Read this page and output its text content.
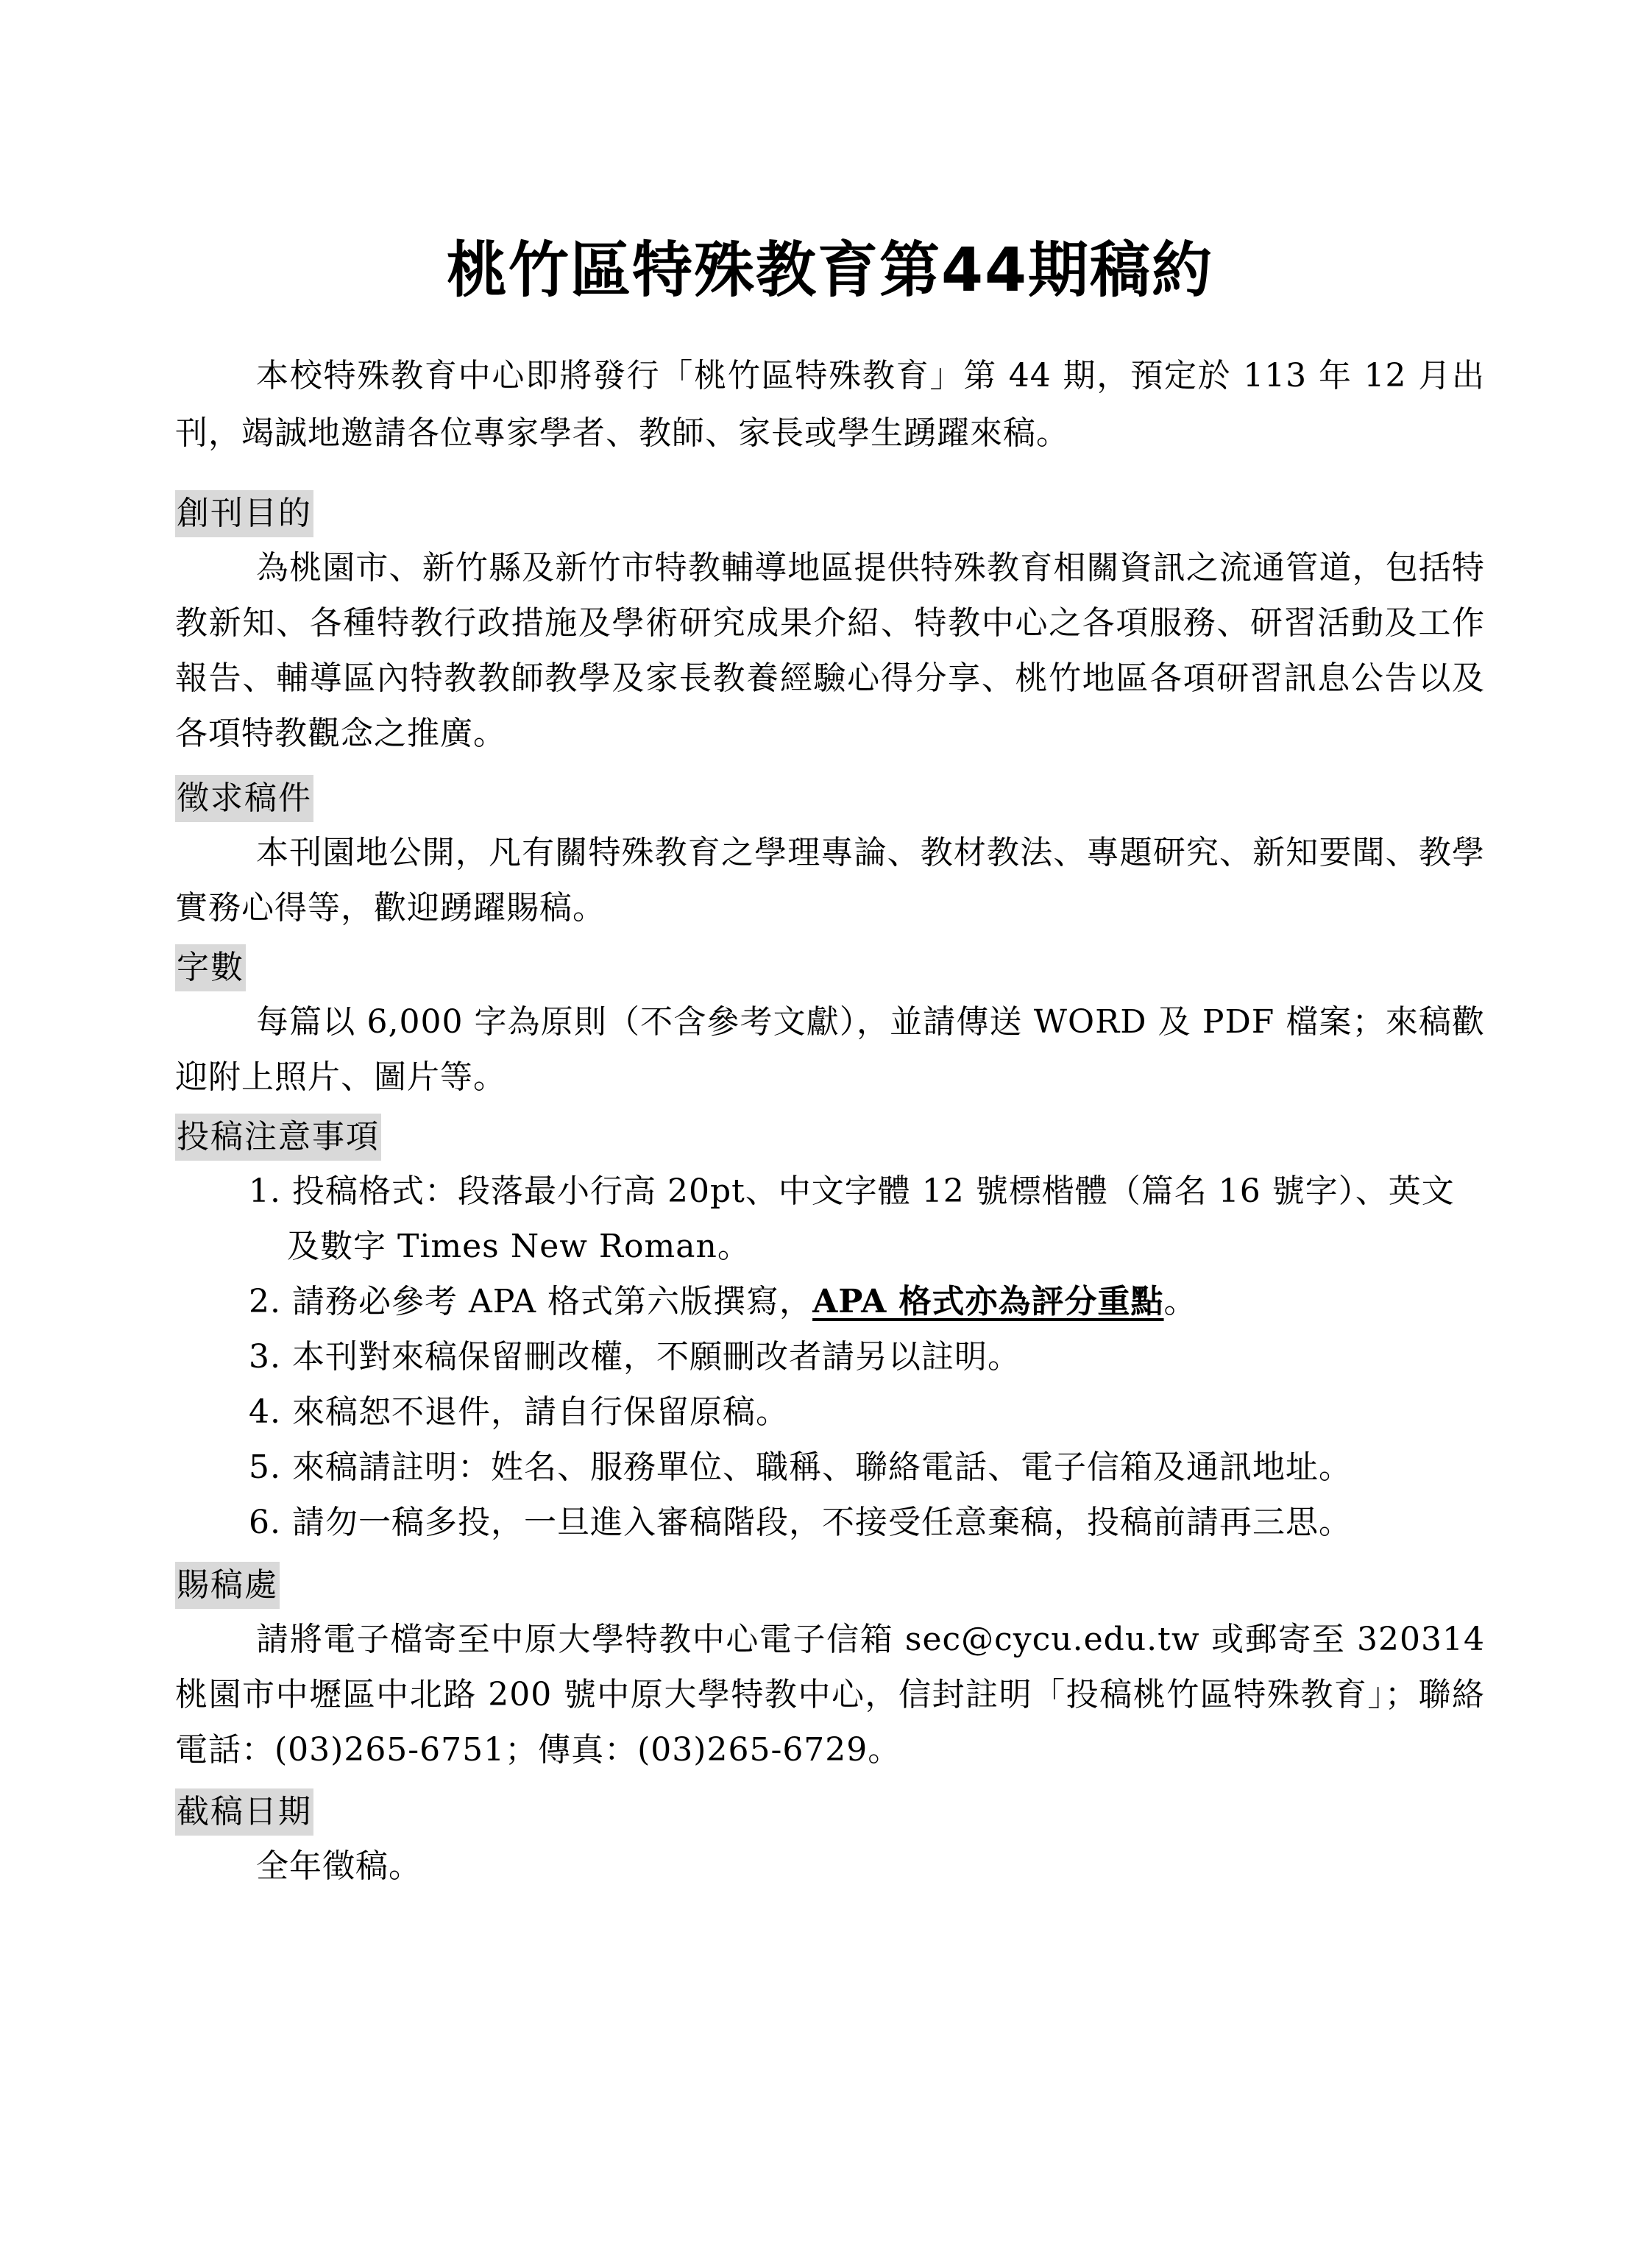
桃竹區特殊教育第44期稿約

本校特殊教育中心即將發行「桃竹區特殊教育」第 44 期，預定於 113 年 12 月出刊，竭誠地邀請各位專家學者、教師、家長或學生踴躍來稿。

創刊目的

為桃園市、新竹縣及新竹市特教輔導地區提供特殊教育相關資訊之流通管道，包括特教新知、各種特教行政措施及學術研究成果介紹、特教中心之各項服務、研習活動及工作報告、輔導區內特教教師教學及家長教養經驗心得分享、桃竹地區各項研習訊息公告以及各項特教觀念之推廣。

徵求稿件

本刊園地公開，凡有關特殊教育之學理專論、教材教法、專題研究、新知要聞、教學實務心得等，歡迎踴躍賜稿。

字數

每篇以 6,000 字為原則（不含參考文獻），並請傳送 WORD 及 PDF 檔案；來稿歡迎附上照片、圖片等。

投稿注意事項
1. 投稿格式：段落最小行高 20pt、中文字體 12 號標楷體（篇名 16 號字）、英文及數字 Times New Roman。
2. 請務必參考 APA 格式第六版撰寫，APA 格式亦為評分重點。
3. 本刊對來稿保留刪改權，不願刪改者請另以註明。
4. 來稿恕不退件，請自行保留原稿。
5. 來稿請註明：姓名、服務單位、職稱、聯絡電話、電子信箱及通訊地址。
6. 請勿一稿多投，一旦進入審稿階段，不接受任意棄稿，投稿前請再三思。
賜稿處

請將電子檔寄至中原大學特教中心電子信箱 sec@cycu.edu.tw 或郵寄至 320314 桃園市中壢區中北路 200 號中原大學特教中心，信封註明「投稿桃竹區特殊教育」；聯絡電話：(03)265-6751；傳真：(03)265-6729。

截稿日期

全年徵稿。
